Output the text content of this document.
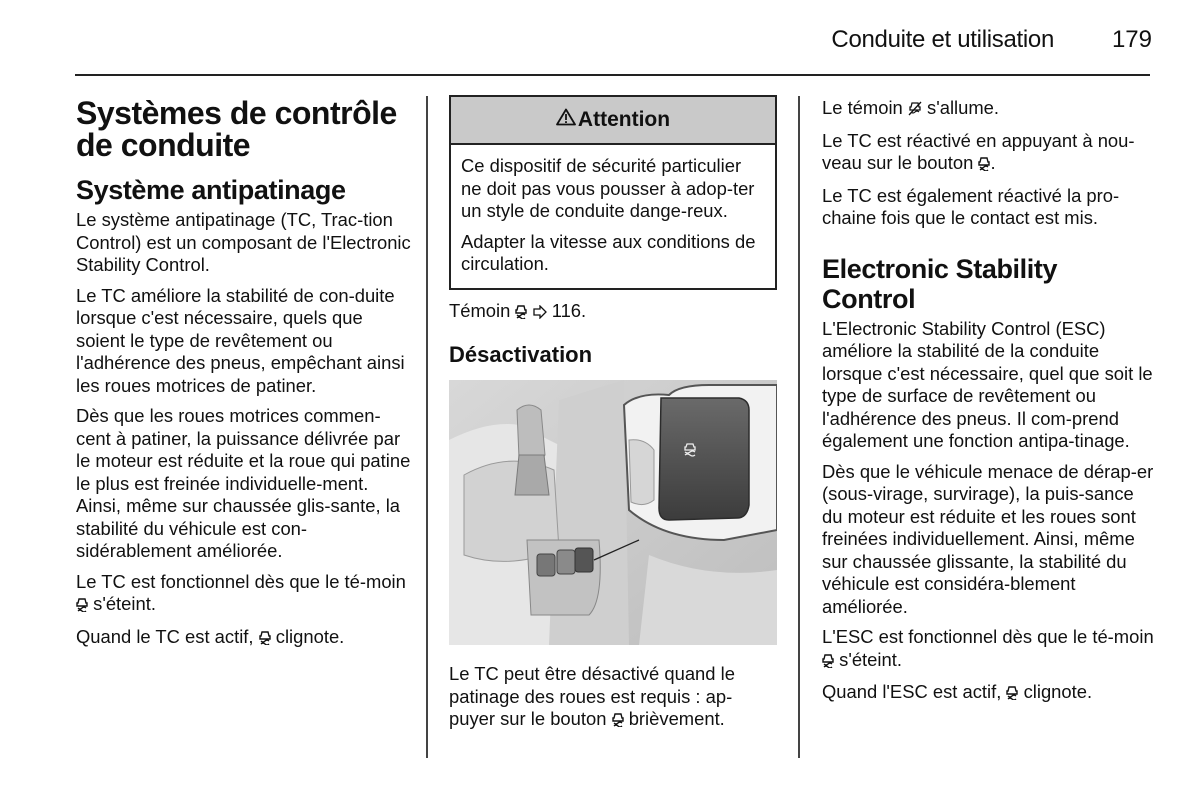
Conduite et utilisation	179
Systèmes de contrôle
de conduite
Système antipatinage

Le système antipatinage (TC, Trac-tion Control) est un composant de l'Electronic Stability Control.

Le TC améliore la stabilité de con-duite lorsque c'est nécessaire, quels que soient le type de revêtement ou l'adhérence des pneus, empêchant ainsi les roues motrices de patiner.

Dès que les roues motrices commen-cent à patiner, la puissance délivrée par le moteur est réduite et la roue qui patine le plus est freinée individuelle-ment. Ainsi, même sur chaussée glis-sante, la stabilité du véhicule est con-sidérablement améliorée.

Le TC est fonctionnel dès que le té-moin  s'éteint.

Quand le TC est actif, clignote.

Attention

Ce dispositif de sécurité particulier ne doit pas vous pousser à adop-ter un style de conduite dange-reux.

Adapter la vitesse aux conditions de circulation.

Témoin 116.

Désactivation

Le TC peut être désactivé quand le patinage des roues est requis : ap-puyer sur le bouton brièvement.

Le témoin s'allume.

Le TC est réactivé en appuyant à nou-veau sur le bouton .

Le TC est également réactivé la pro-chaine fois que le contact est mis.

Electronic Stability Control

L'Electronic Stability Control (ESC) améliore la stabilité de la conduite lorsque c'est nécessaire, quel que soit le type de surface de revêtement ou l'adhérence des pneus. Il com-prend également une fonction antipa-tinage.

Dès que le véhicule menace de dérap-er (sous-virage, survirage), la puis-sance du moteur est réduite et les roues sont freinées individuellement. Ainsi, même sur chaussée glissante, la stabilité du véhicule est considéra-blement améliorée.

L'ESC est fonctionnel dès que le té-moin  s'éteint.

Quand l'ESC est actif, clignote.
